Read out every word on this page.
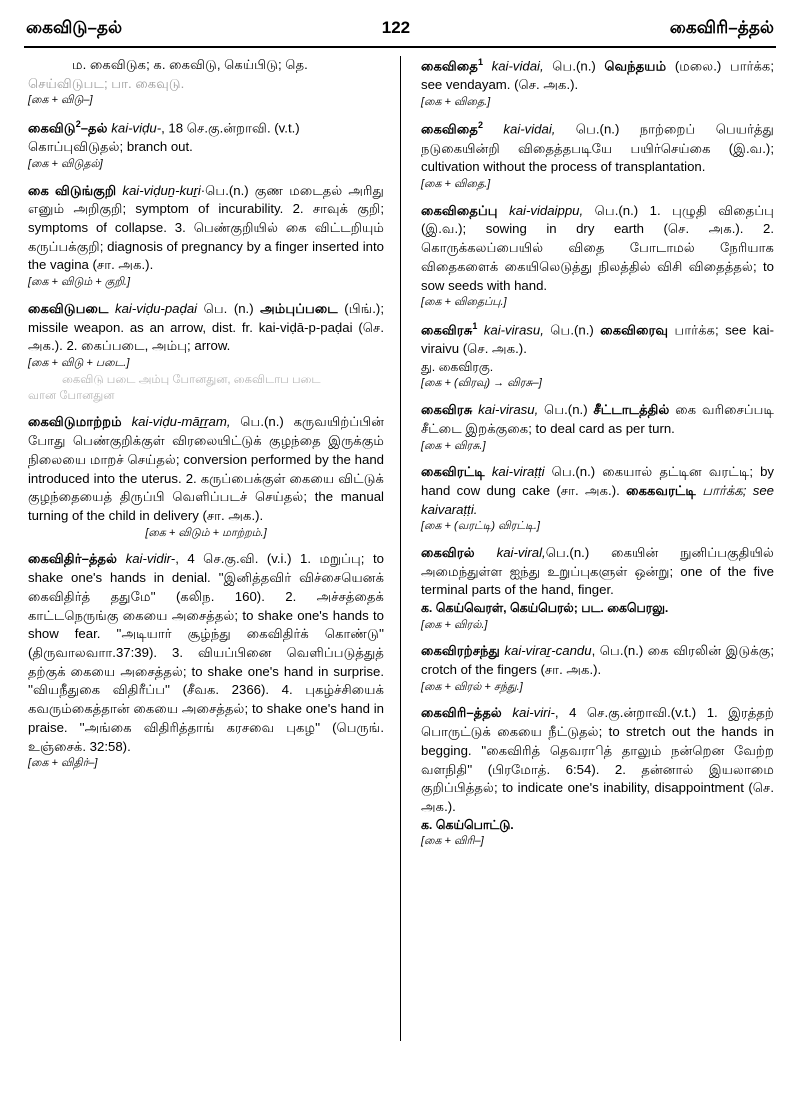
கைவிடு–தல்	122	கைவிரி–த்தல்

ம. கைவிடுக; க. கைவிடு, கெய்பிடு; தெ.

செய்விடுபட; பா. கைவுடு.

[கை + விடு–]

கைவிடு$^2$–தல் kai-viḍu-, 18 செ.கு.ன்றாவி. (v.t.)

கொப்புவிடுதல்; branch out.

[கை + விடுதல்]

கை விடுங்குறி kai-viḍuṉ-kuṟi·பெ.(n.) குண மடைதல் அரிது எனும் அறிகுறி; symptom of incurability. 2. சாவுக் குறி; symptoms of collapse. 3. பெண்குறியில் கை விட்டறியும் கருப்பக்குறி; diagnosis of pregnancy by a finger inserted into the vagina (சா. அக.).

[கை + விடும் + குறி.]

கைவிடுபடை kai-viḍu-paḍai பெ. (n.) அம்புப்படை (பிங்.); missile weapon. as an arrow, dist. fr. kai-viḍā-p-paḍai (செ. அக.). 2. கைப்படை, அம்பு; arrow.

[கை + விடு + படை.]

கைவிடு படை அம்பு போனதுன, கைவிடாப படை

வான போனதுன

கைவிடுமாற்றம் kai-viḍu-māṟṟam, பெ.(n.) கருவயிற்ப்பின் போது பெண்குறிக்குள் விரலையிட்டுக் குழந்தை இருக்கும் நிலையை மாறச் செய்தல்; conversion performed by the hand introduced into the uterus. 2. கருப்பைக்குள் கையை விட்டுக் குழந்தையைத் திருப்பி வெளிப்படச் செய்தல்; the manual turning of the child in delivery (சா. அக.).

[கை + விடும் + மாற்றம்.]

கைவிதிர்–த்தல் kai-vidir-, 4 செ.கு.வி. (v.i.) 1. மறுப்பு; to shake one's hands in denial. ''இனித்தவிர் விச்சையெனக் கைவிதிர்த் ததுமே'' (கலிந. 160). 2. அச்சத்தைக் காட்டநெருங்கு கையை அசைத்தல்; to shake one's hands to show fear. ''அடியார் சூழ்ந்து கைவிதிர்க் கொண்டு'' (திருவாலவாா.37:39). 3. வியப்பினை வெளிப்படுத்துத் தற்குக் கையை அசைத்தல்; to shake one's hand in surprise. ''வியநீதுகை விதிரீப்ப'' (சீவக. 2366). 4. புகழ்ச்சியைக் கவரும்கைத்தான் கையை அசைத்தல்; to shake one's hand in praise. ''அங்கை விதிரித்தாங் கரசவை புகழ'' (பெருங். உஞ்சைக். 32:58).

[கை + விதிர்–]

கைவிதை$^1$ kai-vidai, பெ.(n.) வெந்தயம் (மலை.) பார்க்க; see vendayam. (செ. அக.).

[கை + விதை.]

கைவிதை$^2$ kai-vidai, பெ.(n.) நாற்றைப் பெயர்த்து நடுகையின்றி விதைத்தபடியே பயிர்செய்கை (இ.வ.); cultivation without the process of transplantation.

[கை + விதை.]

கைவிதைப்பு kai-vidaippu, பெ.(n.) 1. புழுதி விதைப்பு (இ.வ.); sowing in dry earth (செ. அக.). 2. கொருக்கலப்பையில் விதை போடாமல் நேரியாக விதைகளைக் கையிலெடுத்து நிலத்தில் விசி விதைத்தல்; to sow seeds with hand.

[கை + விதைப்பு.]

கைவிரசு$^1$ kai-virasu, பெ.(n.) கைவிரைவு பார்க்க; see kai-viraivu (செ. அக.).

து. கைவிரகு.

[கை + (விரவு) → விரசு–]

கைவிரசு kai-virasu, பெ.(n.) சீட்டாடத்தில் கை வரிசைப்படி சீட்டை இறக்குகை; to deal card as per turn.

[கை + விரசு.]

கைவிரட்டி kai-viraṭṭi பெ.(n.) கையால் தட்டின வரட்டி; by hand cow dung cake (சா. அக.). கைகவரட்டி பார்க்க; see kaivaraṭṭi.

[கை + (வரட்டி) விரட்டி.]

கைவிரல் kai-viral,பெ.(n.) கையின் நுனிப்பகுதியில் அமைந்துள்ள ஐந்து உறுப்புகளுள் ஒன்று; one of the five terminal parts of the hand, finger.

க. கெய்வெரள், கெய்பெரல்; பட. கைபெரலு.

[கை + விரல்.]

கைவிரற்சந்து kai-viraṟ-candu, பெ.(n.) கை விரலின் இடுக்கு; crotch of the fingers (சா. அக.).

[கை + விரல் + சந்து.]

கைவிரி–த்தல் kai-viri-, 4 செ.கு.ன்றாவி.(v.t.) 1. இரத்தற் பொருட்டுக் கையை நீட்டுதல்; to stretch out the hands in begging. ''கைவிரித் தெவராித் தாலும் நன்றென வேற்ற வளநிதி'' (பிரமோத். 6:54). 2. தன்னால் இயலாமை குறிப்பித்தல்; to indicate one's inability, disappointment (செ. அக.).

க. கெய்பொட்டு.

[கை + விரி–]
